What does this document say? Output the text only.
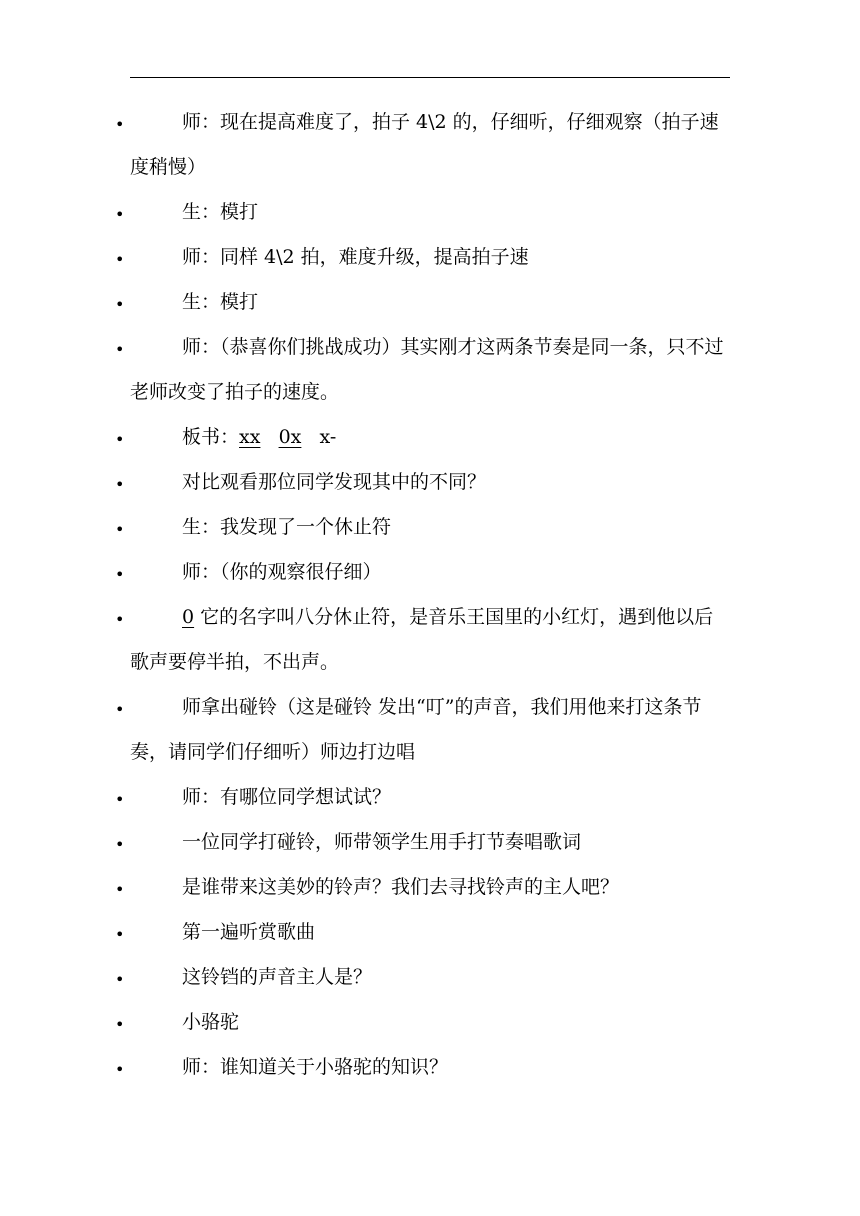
•	师：现在提高难度了，拍子 4\2 的，仔细听，仔细观察（拍子速度稍慢）
•	生：模打
•	师：同样 4\2 拍，难度升级，提高拍子速
•	生：模打
•	师：（恭喜你们挑战成功）其实刚才这两条节奏是同一条，只不过老师改变了拍子的速度。
•	板书：xx 0x x-
•	对比观看那位同学发现其中的不同？
•	生：我发现了一个休止符
•	师：（你的观察很仔细）
•	0 它的名字叫八分休止符，是音乐王国里的小红灯，遇到他以后歌声要停半拍，不出声。
•	师拿出碰铃（这是碰铃 发出“叮”的声音，我们用他来打这条节奏，请同学们仔细听）师边打边唱
•	师：有哪位同学想试试？
•	一位同学打碰铃，师带领学生用手打节奏唱歌词
•	是谁带来这美妙的铃声？我们去寻找铃声的主人吧？
•	第一遍听赏歌曲
•	这铃铛的声音主人是？
•	小骆驼
•	师：谁知道关于小骆驼的知识？
